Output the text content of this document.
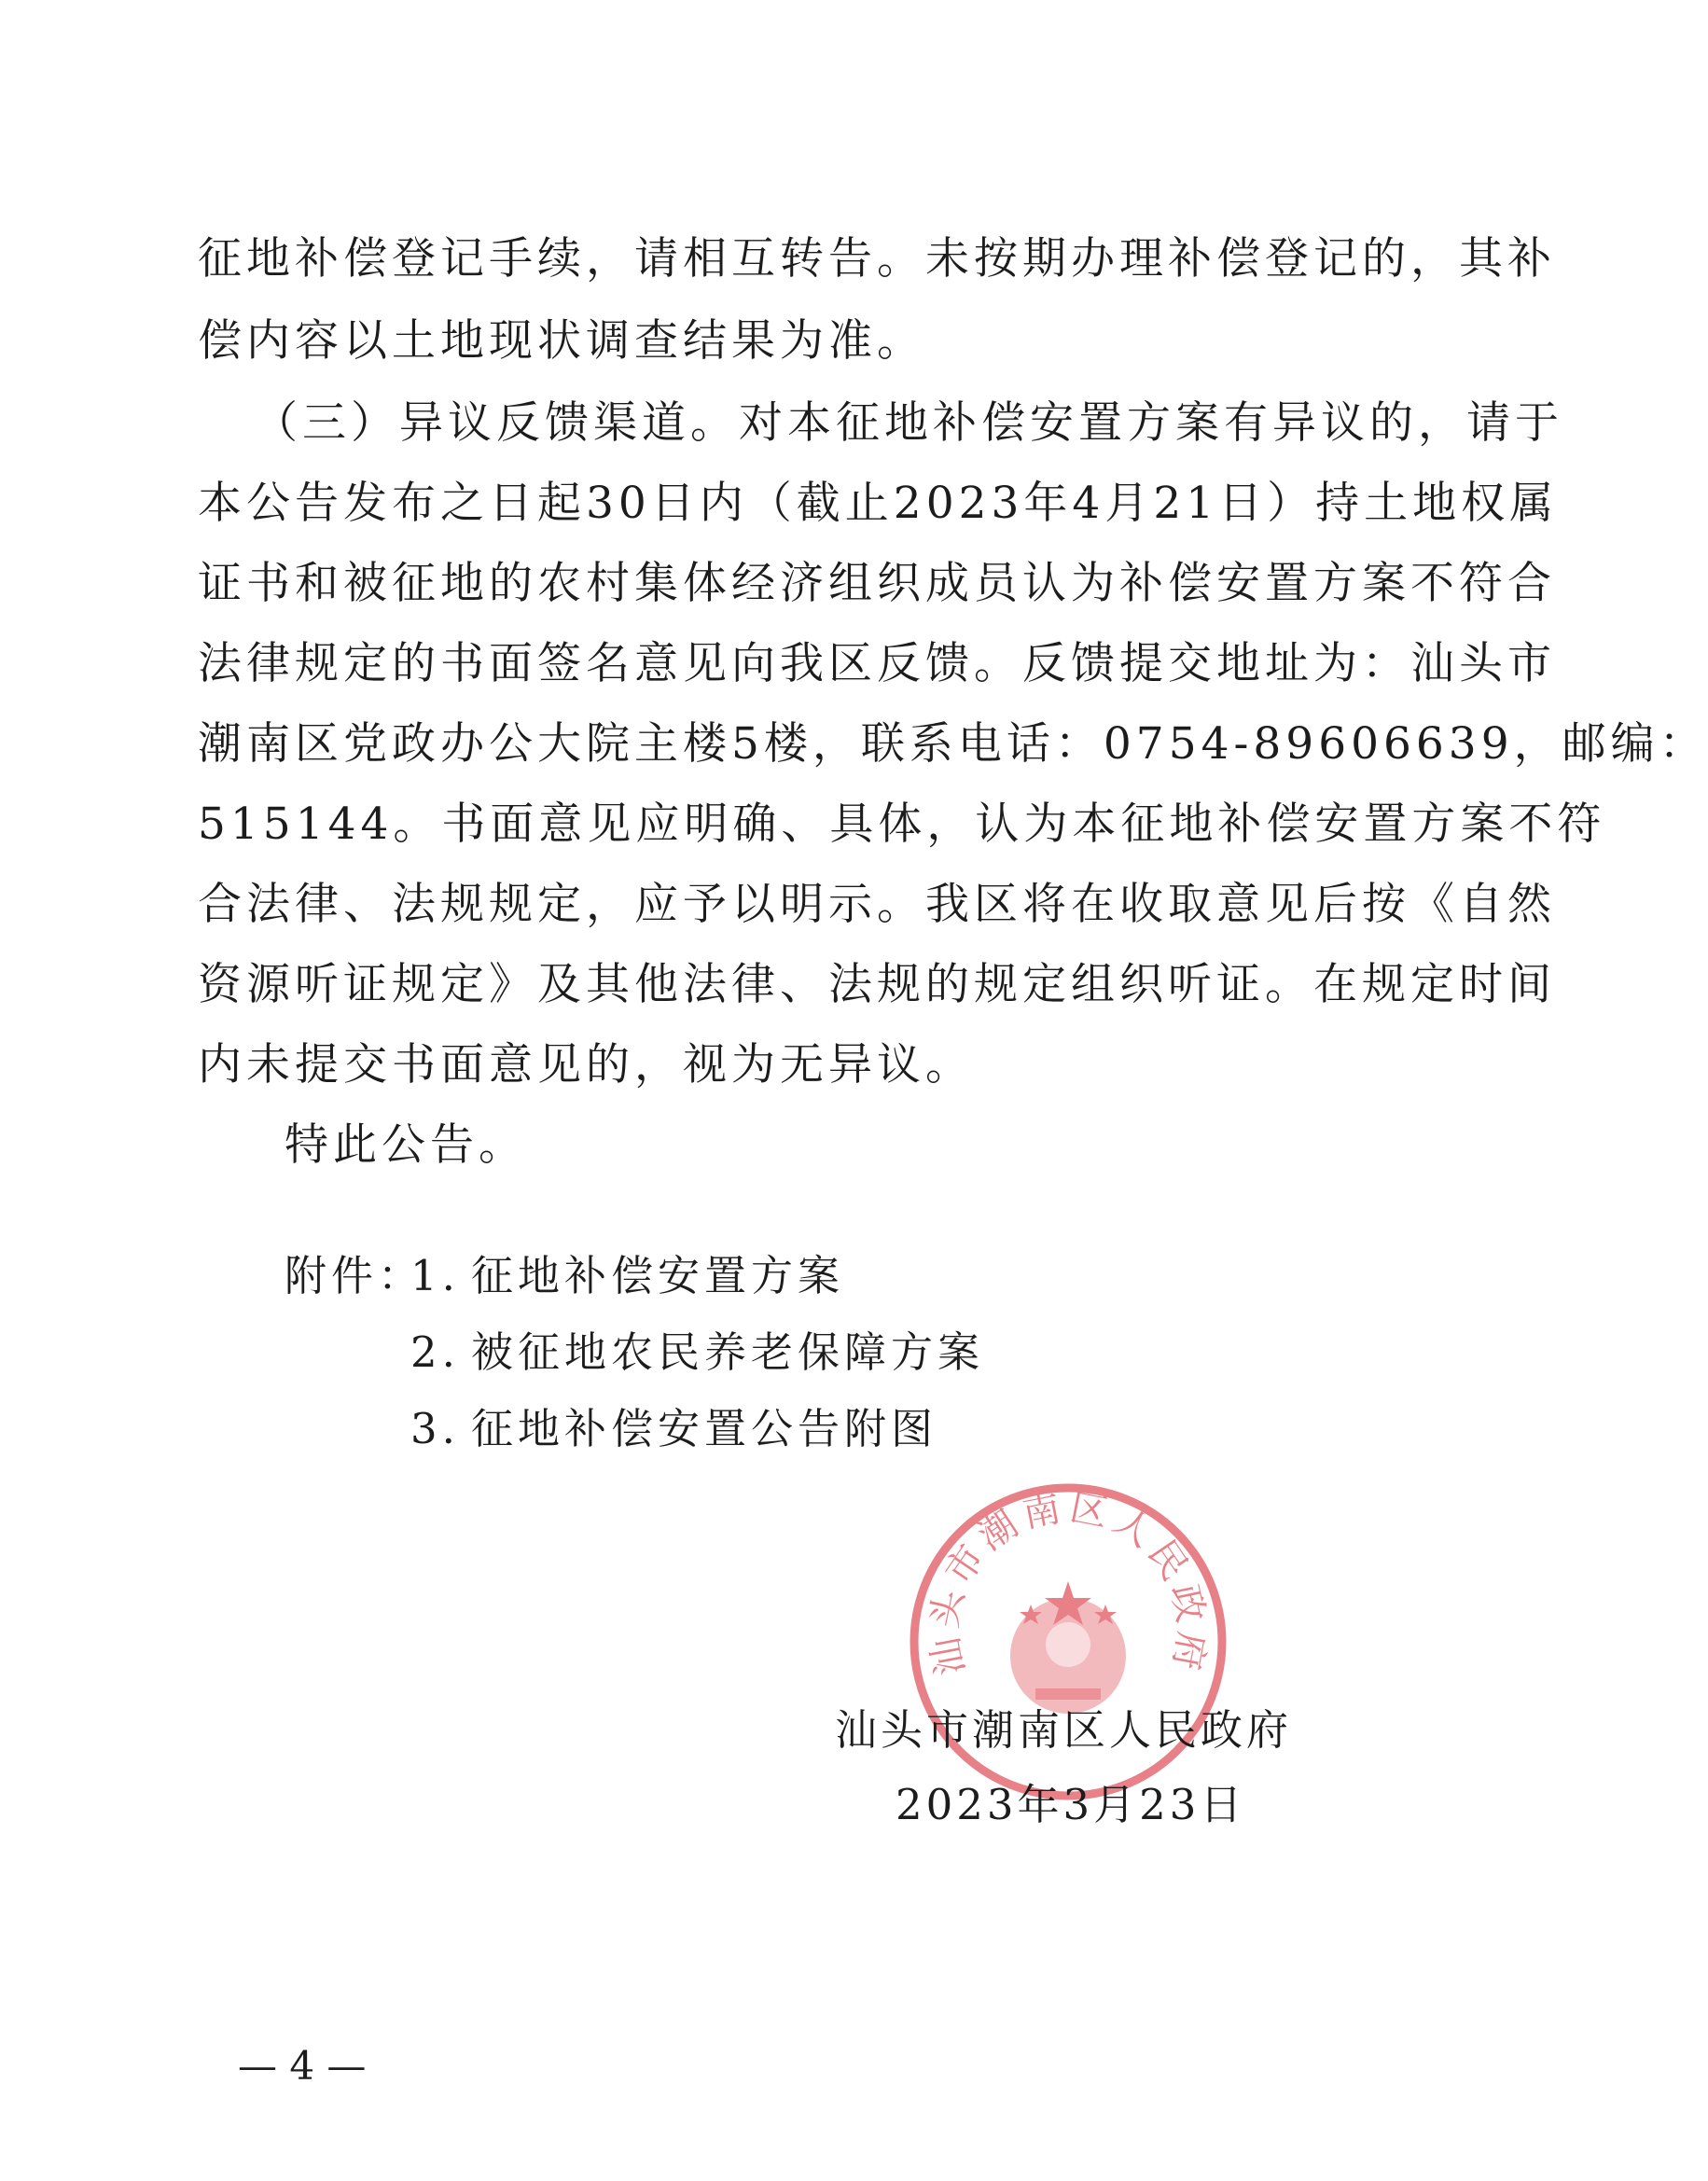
征地补偿登记手续，请相互转告。未按期办理补偿登记的，其补
偿内容以土地现状调查结果为准。
（三）异议反馈渠道。对本征地补偿安置方案有异议的，请于
本公告发布之日起30日内（截止2023年4月21日）持土地权属
证书和被征地的农村集体经济组织成员认为补偿安置方案不符合
法律规定的书面签名意见向我区反馈。反馈提交地址为：汕头市
潮南区党政办公大院主楼5楼，联系电话：0754-89606639，邮编：
515144。书面意见应明确、具体，认为本征地补偿安置方案不符
合法律、法规规定，应予以明示。我区将在收取意见后按《自然
资源听证规定》及其他法律、法规的规定组织听证。在规定时间
内未提交书面意见的，视为无异议。
特此公告。
附件：
1. 征地补偿安置方案
2. 被征地农民养老保障方案
3. 征地补偿安置公告附图
汕头市潮南区人民政府
汕头市潮南区人民政府
2023年3月23日
— 4 —
